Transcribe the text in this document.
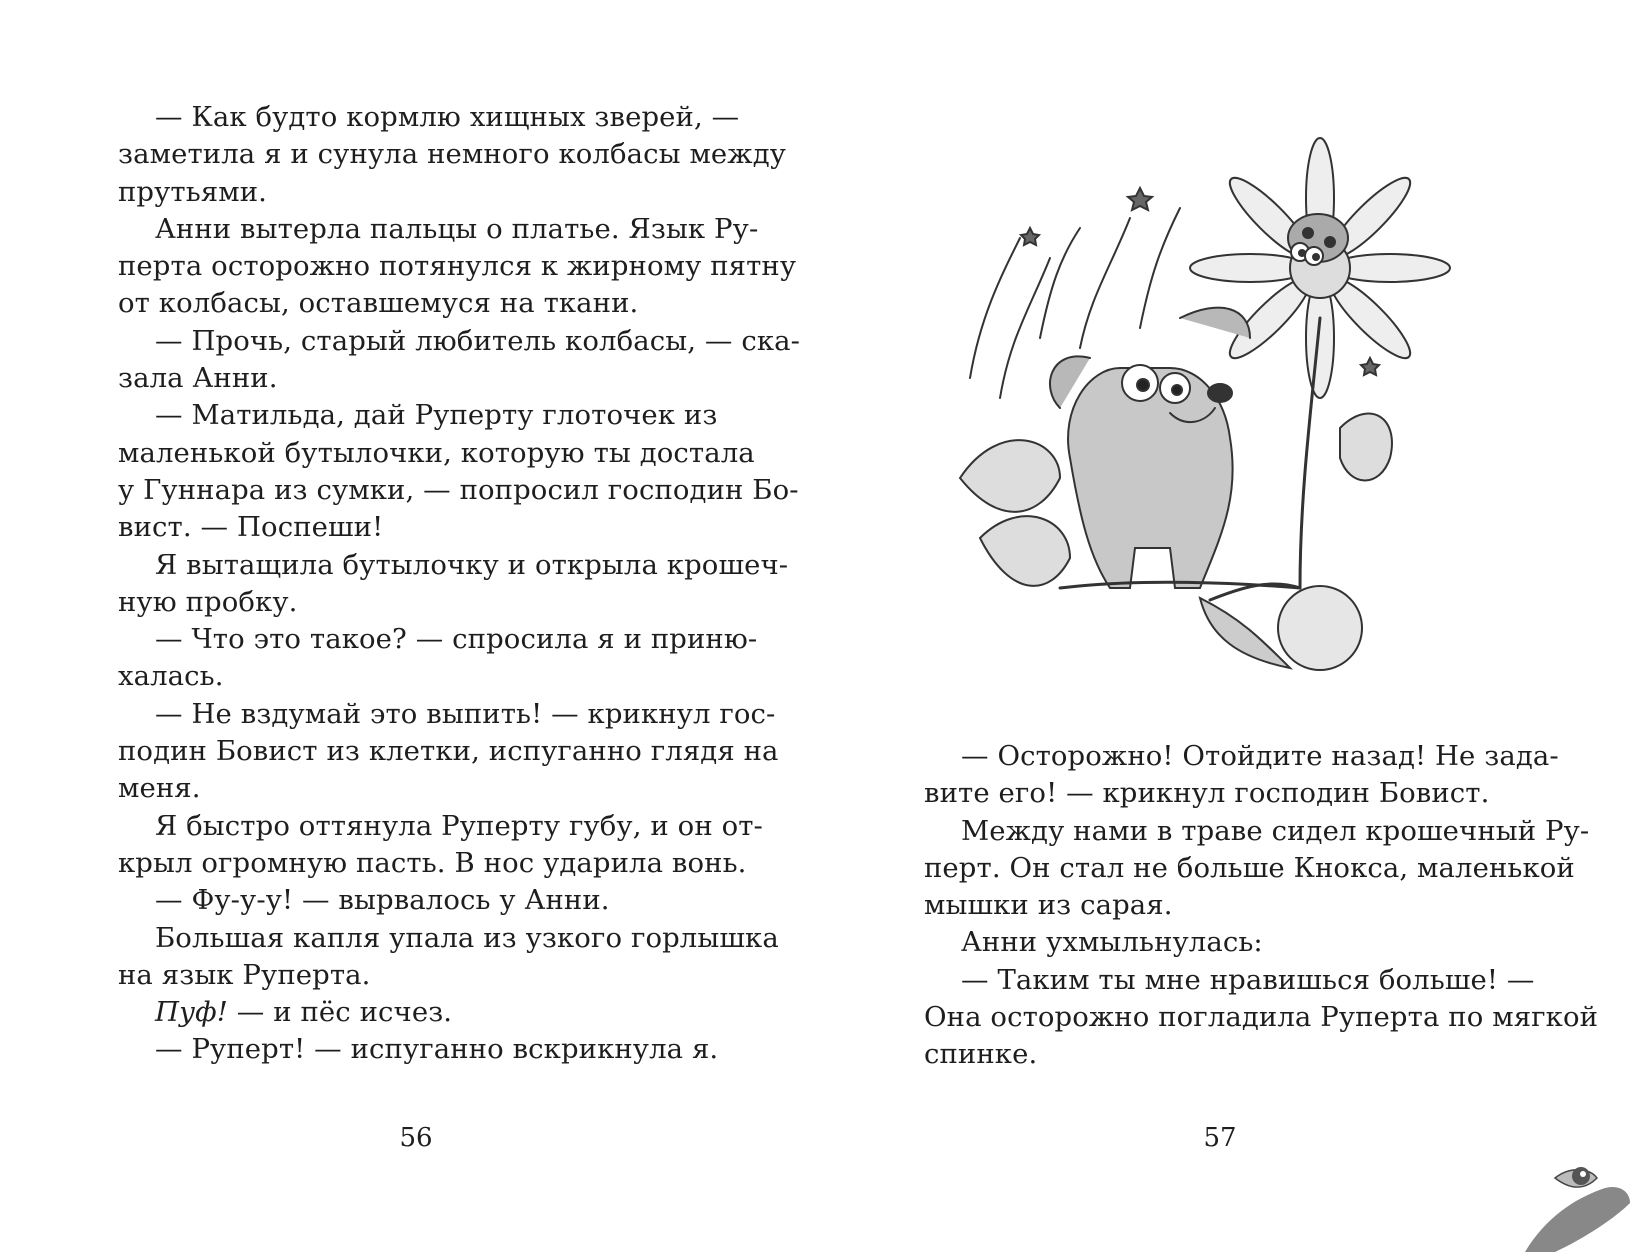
— Как будто кормлю хищных зверей, —
заметила я и сунула немного колбасы между
прутьями.
Анни вытерла пальцы о платье. Язык Ру-
перта осторожно потянулся к жирному пятну
от колбасы, оставшемуся на ткани.
— Прочь, старый любитель колбасы, — ска-
зала Анни.
— Матильда, дай Руперту глоточек из
маленькой бутылочки, которую ты достала
у Гуннара из сумки, — попросил господин Бо-
вист. — Поспеши!
Я вытащила бутылочку и открыла крошеч-
ную пробку.
— Что это такое? — спросила я и приню-
халась.
— Не вздумай это выпить! — крикнул гос-
подин Бовист из клетки, испуганно глядя на
меня.
Я быстро оттянула Руперту губу, и он от-
крыл огромную пасть. В нос ударила вонь.
— Фу-у-у! — вырвалось у Анни.
Большая капля упала из узкого горлышка
на язык Руперта.
Пуф! — и пёс исчез.
— Руперт! — испуганно вскрикнула я.
56
— Осторожно! Отойдите назад! Не зада-
вите его! — крикнул господин Бовист.
Между нами в траве сидел крошечный Ру-
перт. Он стал не больше Кнокса, маленькой
мышки из сарая.
Анни ухмыльнулась:
— Таким ты мне нравишься больше! —
Она осторожно погладила Руперта по мягкой
спинке.
57
